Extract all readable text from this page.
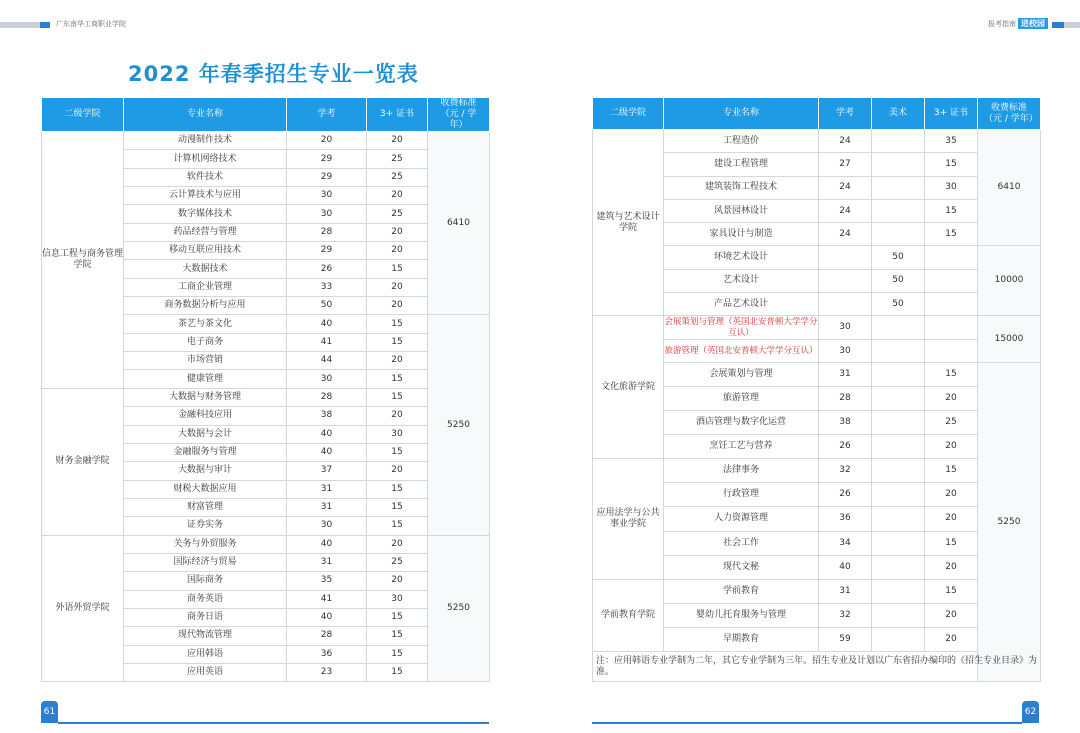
广东南华工商职业学院	报考指南 进校园
2022 年春季招生专业一览表
二级学院	专业名称	学考	3+ 证书	收费标准（元 / 学年）
信息工程与商务管理学院	动漫制作技术	20	20	6410
	计算机网络技术	29	25	
	软件技术	29	25	
	云计算技术与应用	30	20	
	数字媒体技术	30	25	
	药品经营与管理	28	20	
	移动互联应用技术	29	20	
	大数据技术	26	15	
	工商企业管理	33	20	
	商务数据分析与应用	50	20	
	茶艺与茶文化	40	15	5250
	电子商务	41	15	
	市场营销	44	20	
	健康管理	30	15	
财务金融学院	大数据与财务管理	28	15	
	金融科技应用	38	20	
	大数据与会计	40	30	
	金融服务与管理	40	15	
	大数据与审计	37	20	
	财税大数据应用	31	15	
	财富管理	31	15	
	证券实务	30	15	
外语外贸学院	关务与外贸服务	40	20	5250
	国际经济与贸易	31	25	
	国际商务	35	20	
	商务英语	41	30	
	商务日语	40	15	
	现代物流管理	28	15	
	应用韩语	36	15	
	应用英语	23	15	
二级学院	专业名称	学考	美术	3+ 证书	收费标准（元 / 学年）
建筑与艺术设计学院	工程造价	24		35	6410
	建设工程管理	27		15	
	建筑装饰工程技术	24		30	
	风景园林设计	24		15	
	家具设计与制造	24		15	
	环境艺术设计		50		10000
	艺术设计		50		
	产品艺术设计		50		
文化旅游学院	会展策划与管理（英国北安普顿大学学分互认）	30			15000
	旅游管理（英国北安普顿大学学分互认）	30			
	会展策划与管理	31		15	5250
	旅游管理	28		20	
	酒店管理与数字化运营	38		25	
	烹饪工艺与营养	26		20	
应用法学与公共事业学院	法律事务	32		15	
	行政管理	26		20	
	人力资源管理	36		20	
	社会工作	34		15	
	现代文秘	40		20	
学前教育学院	学前教育	31		15	
	婴幼儿托育服务与管理	32		20	
	早期教育	59		20	
注：应用韩语专业学制为二年，其它专业学制为三年。招生专业及计划以广东省招办编印的《招生专业目录》为准。					
61	62
